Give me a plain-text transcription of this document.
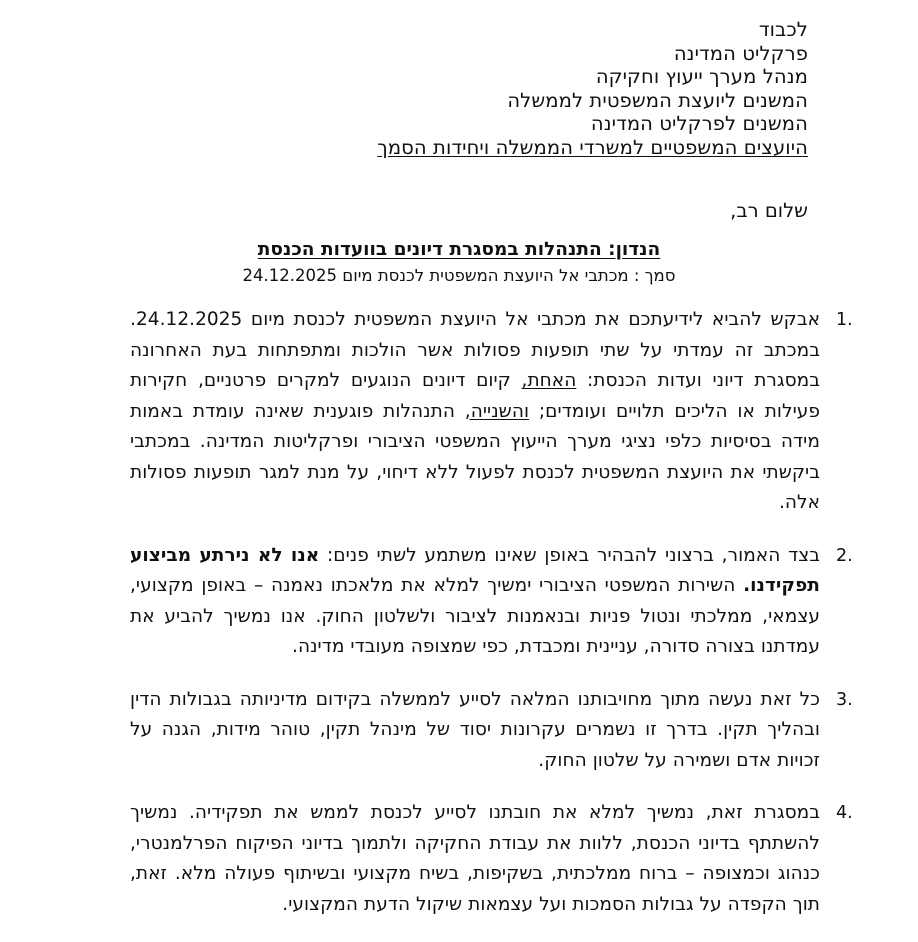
לכבוד
פרקליט המדינה
מנהל מערך ייעוץ וחקיקה
המשנים ליועצת המשפטית לממשלה
המשנים לפרקליט המדינה
היועצים המשפטיים למשרדי הממשלה ויחידות הסמך
שלום רב,
הנדון: התנהלות במסגרת דיונים בוועדות הכנסת
סמך : מכתבי אל היועצת המשפטית לכנסת מיום 24.12.2025
1.
אבקש להביא לידיעתכם את מכתבי אל היועצת המשפטית לכנסת מיום 24.12.2025. במכתב זה עמדתי על שתי תופעות פסולות אשר הולכות ומתפתחות בעת האחרונה במסגרת דיוני ועדות הכנסת: האחת, קיום דיונים הנוגעים למקרים פרטניים, חקירות פעילות או הליכים תלויים ועומדים; והשנייה, התנהלות פוגענית שאינה עומדת באמות מידה בסיסיות כלפי נציגי מערך הייעוץ המשפטי הציבורי ופרקליטות המדינה. במכתבי ביקשתי את היועצת המשפטית לכנסת לפעול ללא דיחוי, על מנת למגר תופעות פסולות אלה.
2.
בצד האמור, ברצוני להבהיר באופן שאינו משתמע לשתי פנים: אנו לא נירתע מביצוע תפקידנו. השירות המשפטי הציבורי ימשיך למלא את מלאכתו נאמנה – באופן מקצועי, עצמאי, ממלכתי ונטול פניות ובנאמנות לציבור ולשלטון החוק. אנו נמשיך להביע את עמדתנו בצורה סדורה, עניינית ומכבדת, כפי שמצופה מעובדי מדינה.
3.
כל זאת נעשה מתוך מחויבותנו המלאה לסייע לממשלה בקידום מדיניותה בגבולות הדין ובהליך תקין. בדרך זו נשמרים עקרונות יסוד של מינהל תקין, טוהר מידות, הגנה על זכויות אדם ושמירה על שלטון החוק.
4.
במסגרת זאת, נמשיך למלא את חובתנו לסייע לכנסת לממש את תפקידיה. נמשיך להשתתף בדיוני הכנסת, ללוות את עבודת החקיקה ולתמוך בדיוני הפיקוח הפרלמנטרי, כנהוג וכמצופה – ברוח ממלכתית, בשקיפות, בשיח מקצועי ובשיתוף פעולה מלא. זאת, תוך הקפדה על גבולות הסמכות ועל עצמאות שיקול הדעת המקצועי.
